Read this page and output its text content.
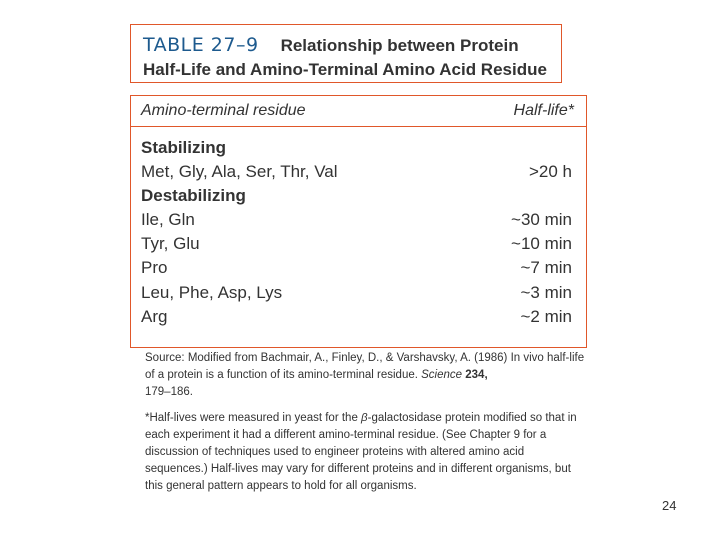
TABLE 27–9 Relationship between Protein
Half-Life and Amino-Terminal Amino Acid Residue
Amino-terminal residue	Half-life*
Stabilizing
Met, Gly, Ala, Ser, Thr, Val	>20 h
Destabilizing
Ile, Gln	~30 min
Tyr, Glu	~10 min
Pro	~7 min
Leu, Phe, Asp, Lys	~3 min
Arg	~2 min
Source: Modified from Bachmair, A., Finley, D., & Varshavsky, A. (1986) In vivo half-life of a protein is a function of its amino-terminal residue. Science 234,
179–186.
*Half-lives were measured in yeast for the β-galactosidase protein modified so that in each experiment it had a different amino-terminal residue. (See Chapter 9 for a discussion of techniques used to engineer proteins with altered amino acid sequences.) Half-lives may vary for different proteins and in different organisms, but this general pattern appears to hold for all organisms.
24
